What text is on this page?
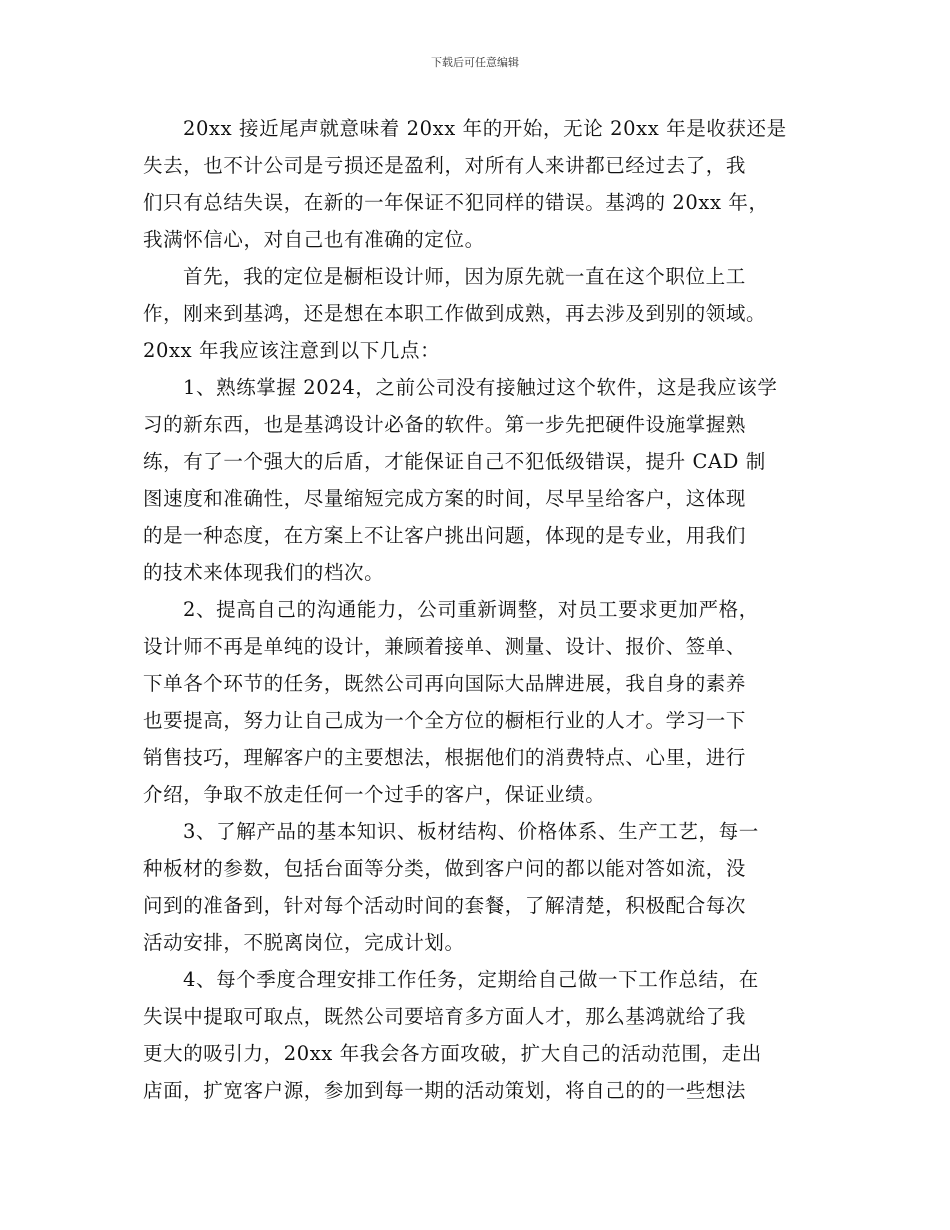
下载后可任意编辑
20xx 接近尾声就意味着 20xx 年的开始，无论 20xx 年是收获还是
失去，也不计公司是亏损还是盈利，对所有人来讲都已经过去了，我
们只有总结失误，在新的一年保证不犯同样的错误。基鸿的 20xx 年，
我满怀信心，对自己也有准确的定位。
首先，我的定位是橱柜设计师，因为原先就一直在这个职位上工
作，刚来到基鸿，还是想在本职工作做到成熟，再去涉及到别的领域。
20xx 年我应该注意到以下几点：
1、熟练掌握 2024，之前公司没有接触过这个软件，这是我应该学
习的新东西，也是基鸿设计必备的软件。第一步先把硬件设施掌握熟
练，有了一个强大的后盾，才能保证自己不犯低级错误，提升 CAD 制
图速度和准确性，尽量缩短完成方案的时间，尽早呈给客户，这体现
的是一种态度，在方案上不让客户挑出问题，体现的是专业，用我们
的技术来体现我们的档次。
2、提高自己的沟通能力，公司重新调整，对员工要求更加严格，
设计师不再是单纯的设计，兼顾着接单、测量、设计、报价、签单、
下单各个环节的任务，既然公司再向国际大品牌进展，我自身的素养
也要提高，努力让自己成为一个全方位的橱柜行业的人才。学习一下
销售技巧，理解客户的主要想法，根据他们的消费特点、心里，进行
介绍，争取不放走任何一个过手的客户，保证业绩。
3、了解产品的基本知识、板材结构、价格体系、生产工艺，每一
种板材的参数，包括台面等分类，做到客户问的都以能对答如流，没
问到的准备到，针对每个活动时间的套餐，了解清楚，积极配合每次
活动安排，不脱离岗位，完成计划。
4、每个季度合理安排工作任务，定期给自己做一下工作总结，在
失误中提取可取点，既然公司要培育多方面人才，那么基鸿就给了我
更大的吸引力，20xx 年我会各方面攻破，扩大自己的活动范围，走出
店面，扩宽客户源，参加到每一期的活动策划，将自己的的一些想法
